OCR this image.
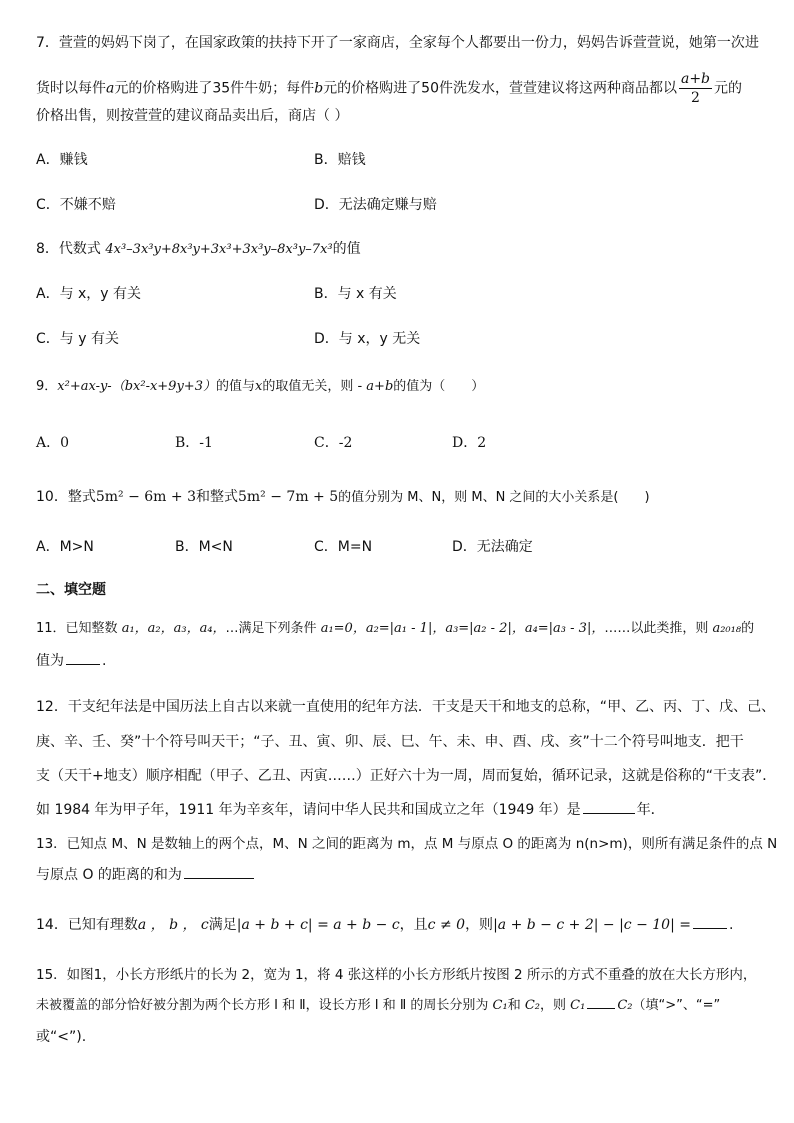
7．萱萱的妈妈下岗了，在国家政策的扶持下开了一家商店，全家每个人都要出一份力，妈妈告诉萱萱说，她第一次进
货时以每件a元的价格购进了35件牛奶；每件b元的价格购进了50件洗发水，萱萱建议将这两种商品都以 $\frac{a+b}{2}$ 元的
价格出售，则按萱萱的建议商品卖出后，商店（ ）
A．赚钱	B．赔钱
C．不嫌不赔	D．无法确定赚与赔
8．代数式 4x³–3x³y+8x³y+3x³+3x³y–8x³y–7x³的值
A．与 x，y 有关	B．与 x 有关
C．与 y 有关	D．与 x，y 无关
9．x²+ax-y-（bx²-x+9y+3）的值与x的取值无关，则 - a+b的值为（　　）
A．0	B．-1	C．-2	D．2
10．整式5m² − 6m + 3和整式5m² − 7m + 5的值分别为 M、N，则 M、N 之间的大小关系是(　　)
A．M>N	B．M<N	C．M=N	D．无法确定
二、填空题
11．已知整数 a₁，a₂，a₃，a₄，…满足下列条件 a₁=0，a₂=|a₁ - 1|，a₃=|a₂ - 2|，a₄=|a₃ - 3|，……以此类推，则 a₂₀₁₈的
值为	.
12．干支纪年法是中国历法上自古以来就一直使用的纪年方法．干支是天干和地支的总称，“甲、乙、丙、丁、戊、己、
庚、辛、壬、癸”十个符号叫天干；“子、丑、寅、卯、辰、巳、午、未、申、酉、戌、亥”十二个符号叫地支．把干
支（天干+地支）顺序相配（甲子、乙丑、丙寅……）正好六十为一周，周而复始，循环记录，这就是俗称的“干支表”．
如 1984 年为甲子年，1911 年为辛亥年，请问中华人民共和国成立之年（1949 年）是	年．
13．已知点 M、N 是数轴上的两个点，M、N 之间的距离为 m，点 M 与原点 O 的距离为 n(n>m)，则所有满足条件的点 N
与原点 O 的距离的和为
14．已知有理数a ， b ， c满足|a + b + c| = a + b − c，且c ≠ 0，则|a + b − c + 2| − |c − 10| =	.
15．如图1，小长方形纸片的长为 2，宽为 1，将 4 张这样的小长方形纸片按图 2 所示的方式不重叠的放在大长方形内，
未被覆盖的部分恰好被分割为两个长方形 Ⅰ 和 Ⅱ，设长方形 Ⅰ 和 Ⅱ 的周长分别为 C₁和 C₂，则 C₁ C₂（填“>”、“=”
或“<”).
